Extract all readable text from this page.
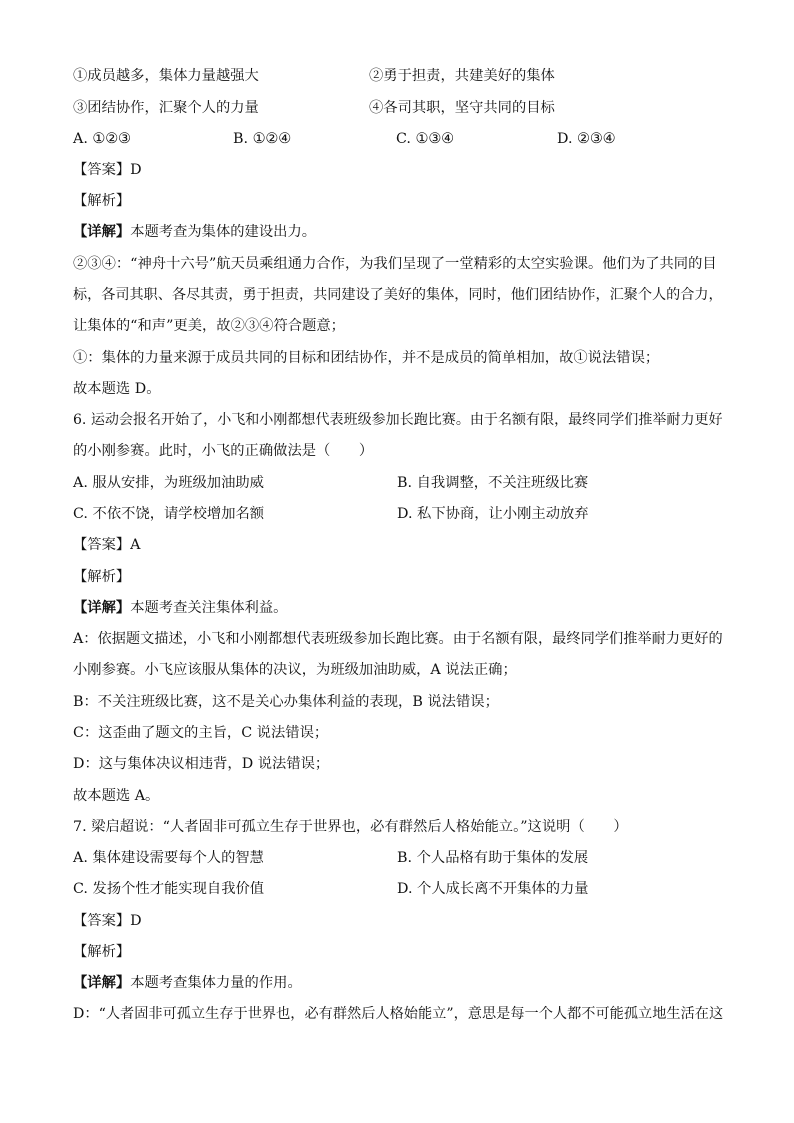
①成员越多，集体力量越强大	②勇于担责，共建美好的集体
③团结协作，汇聚个人的力量	④各司其职，坚守共同的目标
A. ①②③	B. ①②④	C. ①③④	D. ②③④
【答案】D
【解析】
【详解】本题考查为集体的建设出力。
②③④：“神舟十六号”航天员乘组通力合作，为我们呈现了一堂精彩的太空实验课。他们为了共同的目
标，各司其职、各尽其责，勇于担责，共同建设了美好的集体，同时，他们团结协作，汇聚个人的合力，
让集体的“和声”更美，故②③④符合题意；
①：集体的力量来源于成员共同的目标和团结协作，并不是成员的简单相加，故①说法错误；
故本题选 D。
6. 运动会报名开始了，小飞和小刚都想代表班级参加长跑比赛。由于名额有限，最终同学们推举耐力更好
的小刚参赛。此时，小飞的正确做法是（　　）
A. 服从安排，为班级加油助威	B. 自我调整，不关注班级比赛
C. 不依不饶，请学校增加名额	D. 私下协商，让小刚主动放弃
【答案】A
【解析】
【详解】本题考查关注集体利益。
A：依据题文描述，小飞和小刚都想代表班级参加长跑比赛。由于名额有限，最终同学们推举耐力更好的
小刚参赛。小飞应该服从集体的决议，为班级加油助威，A 说法正确；
B：不关注班级比赛，这不是关心办集体利益的表现，B 说法错误；
C：这歪曲了题文的主旨，C 说法错误；
D：这与集体决议相违背，D 说法错误；
故本题选 A。
7. 梁启超说：“人者固非可孤立生存于世界也，必有群然后人格始能立。”这说明（　　）
A. 集体建设需要每个人的智慧	B. 个人品格有助于集体的发展
C. 发扬个性才能实现自我价值	D. 个人成长离不开集体的力量
【答案】D
【解析】
【详解】本题考查集体力量的作用。
D：“人者固非可孤立生存于世界也，必有群然后人格始能立”，意思是每一个人都不可能孤立地生活在这
